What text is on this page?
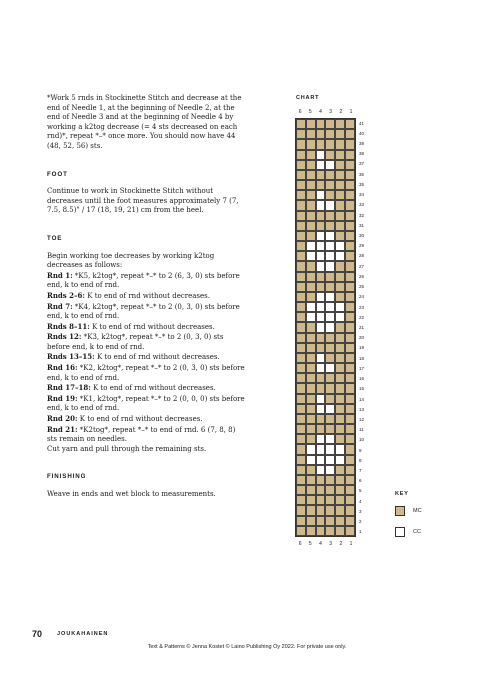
*Work 5 rnds in Stockinette Stitch and decrease at the end of Needle 1, at the beginning of Needle 2, at the end of Needle 3 and at the beginning of Needle 4 by working a k2tog decrease (= 4 sts decreased on each rnd)*, repeat *–* once more. You should now have 44 (48, 52, 56) sts.

FOOT

Continue to work in Stockinette Stitch without decreases until the foot measures approximately 7 (7, 7.5, 8.5)" / 17 (18, 19, 21) cm from the heel.

TOE

Begin working toe decreases by working k2tog decreases as follows:

Rnd 1: *K5, k2tog*, repeat *–* to 2 (6, 3, 0) sts before end, k to end of rnd.

Rnds 2–6: K to end of rnd without decreases.

Rnd 7: *K4, k2tog*, repeat *–* to 2 (0, 3, 0) sts before end, k to end of rnd.

Rnds 8–11: K to end of rnd without decreases.

Rnds 12: *K3, k2tog*, repeat *–* to 2 (0, 3, 0) sts before end, k to end of rnd.

Rnds 13–15: K to end of rnd without decreases.

Rnd 16: *K2, k2tog*, repeat *–* to 2 (0, 3, 0) sts before end, k to end of rnd.

Rnd 17–18: K to end of rnd without decreases.

Rnd 19: *K1, k2tog*, repeat *–* to 2 (0, 0, 0) sts before end, k to end of rnd.

Rnd 20: K to end of rnd without decreases.

Rnd 21: *K2tog*, repeat *–* to end of rnd. 6 (7, 8, 8) sts remain on needles.

Cut yarn and pull through the remaining sts.

FINISHING

Weave in ends and wet block to measurements.

CHART
6	5	4	3	2	1
41
40
39
38
37
36
35
34
33
32
31
30
29
28
27
26
25
24
23
22
21
20
19
18
17
16
15
14
13
12
11
10
9
8
7
6
5
4
3
2
1
6	5	4	3	2	1
KEY
MC
CC
70	JOUKAHAINEN
Text & Patterns © Jenna Kostet © Laino Publishing Oy 2022. For private use only.
